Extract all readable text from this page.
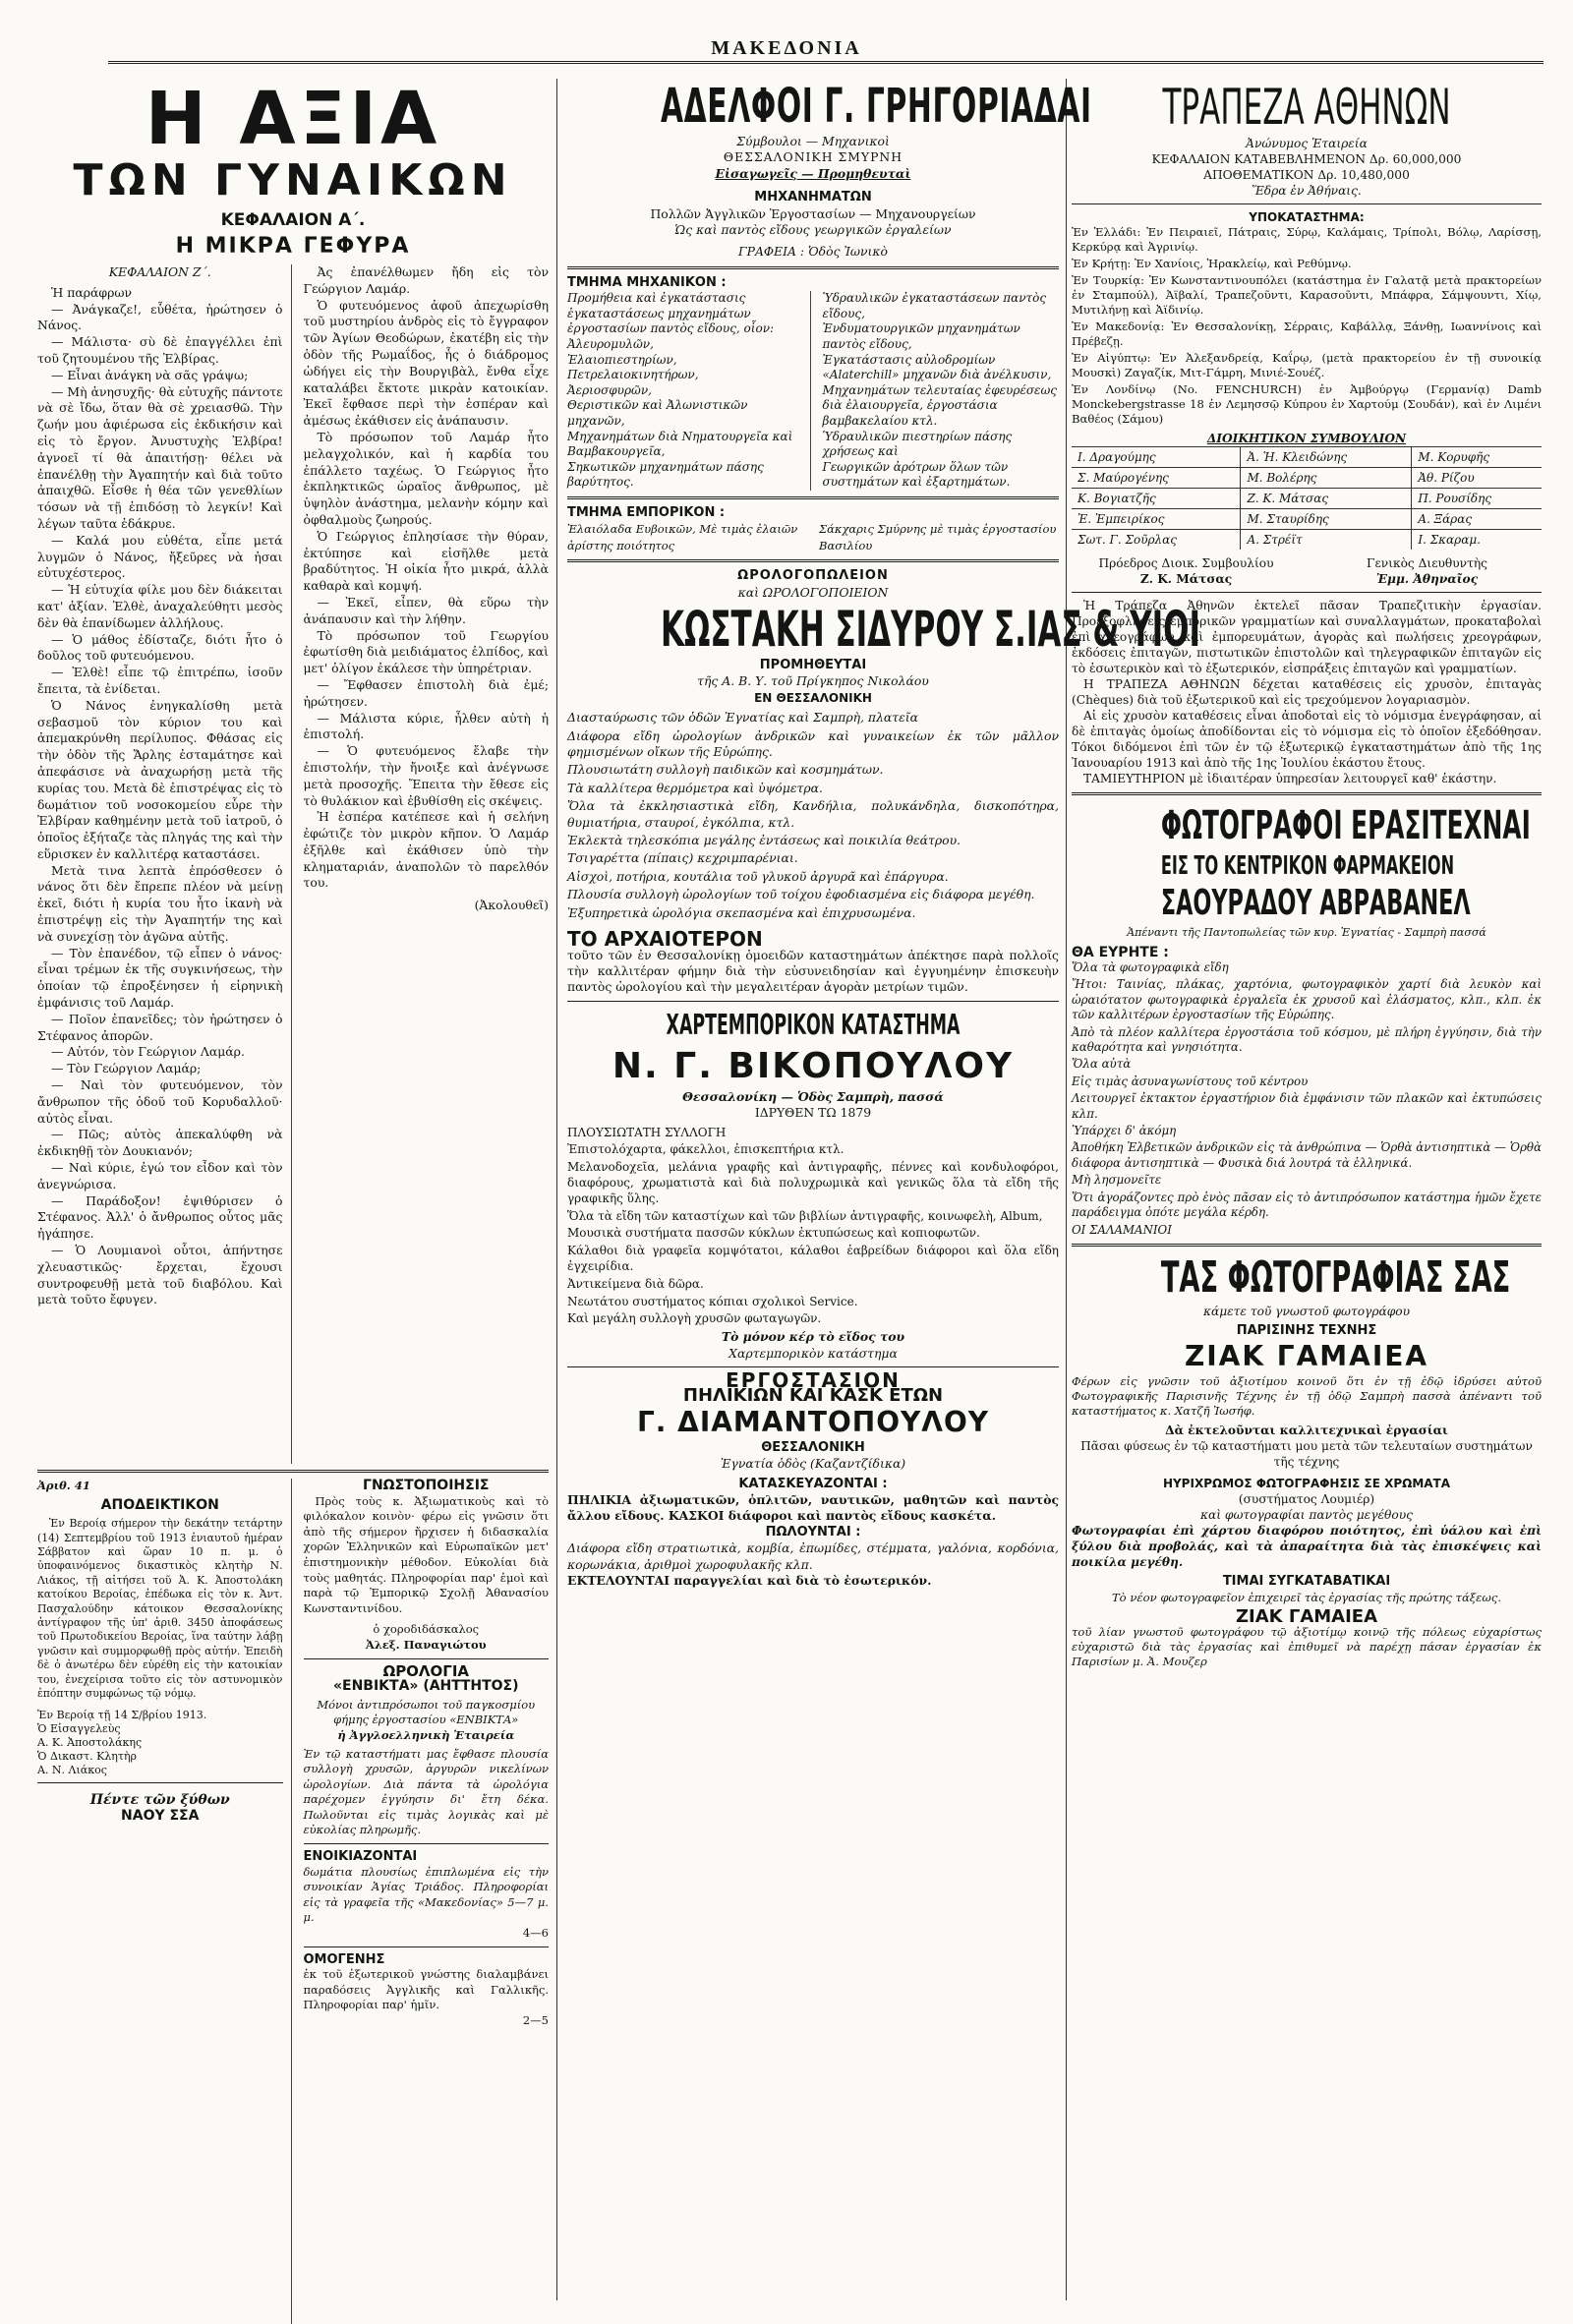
ΜΑΚΕΔΟΝΙΑ
Η ΑΞΙΑ
ΤΩΝ ΓΥΝΑΙΚΩΝ
ΚΕΦΑΛΑΙΟΝ Α΄.
Η ΜΙΚΡΑ ΓΕΦΥΡΑ
ΚΕΦΑΛΑΙΟΝ Ζ΄.

Ἡ παράφρων

— Ἀνάγκαζε!, εὗθέτα, ἠρώτησεν ὁ Νάνος.

— Μάλιστα· σὺ δὲ ἐπαγγέλλει ἐπὶ τοῦ ζητουμένου τῆς Ἐλβίρας.

— Εἶναι ἀνάγκη νὰ σᾶς γράψω;

— Μὴ ἀνησυχῆς· θὰ εὐτυχῆς πάντοτε νὰ σὲ ἴδω, ὅταν θὰ σὲ χρειασθῶ. Τὴν ζωήν μου ἀφιέρωσα εἰς ἐκδικήσιν καὶ εἰς τὸ ἔργον. Ἀνυστυχὴς Ἐλβίρα! ἀγνοεῖ τί θὰ ἀπαιτήσῃ· θέλει νὰ ἐπανέλθῃ τὴν Ἀγαπητήν καὶ διὰ τοῦτο ἀπαιχθῶ. Εἶσθε ἡ θέα τῶν γενεθλίων τόσων νὰ τῇ ἐπιδόσῃ τὸ λεγκίν! Καὶ λέγων ταῦτα ἐδάκρυε.

— Καλά μου εὐθέτα, εἶπε μετά λυγμῶν ὁ Νάνος, ἤξεῦρες νὰ ἠσαι εὐτυχέστερος.

— Ἡ εὐτυχία φίλε μου δὲν διάκειται κατ' ἀξίαν. Ἐλθὲ, ἀναχαλεύθητι μεσὸς δὲν θὰ ἐπανίδωμεν ἀλλήλους.

— Ὁ μάθος ἐδίσταζε, διότι ἦτο ὁ δοῦλος τοῦ φυτευόμενου.

— Ἐλθὲ! εἶπε τῷ ἐπιτρέπω, ἰσοῦν ἔπειτα, τὰ ἐνίδεται.

Ὁ Νάνος ἐνηγκαλίσθη μετὰ σεβασμοῦ τὸν κύριον του καὶ ἀπεμακρύνθη περίλυπος. Φθάσας εἰς τὴν ὁδὸν τῆς Ἄρλης ἐσταμάτησε καὶ ἀπεφάσισε νὰ ἀναχωρήσῃ μετὰ τῆς κυρίας του. Μετὰ δὲ ἐπιστρέψας εἰς τὸ δωμάτιον τοῦ νοσοκομείου εὗρε τὴν Ἐλβίραν καθημένην μετὰ τοῦ ἰατροῦ, ὁ ὁποῖος ἐξήταζε τὰς πληγάς της καὶ τὴν εὕρισκεν ἐν καλλιτέρᾳ καταστάσει.

Μετὰ τινα λεπτὰ ἐπρόσθεσεν ὁ νάνος ὅτι δὲν ἔπρεπε πλέον νὰ μείνῃ ἐκεῖ, διότι ἡ κυρία του ἦτο ἱκανὴ νὰ ἐπιστρέψῃ εἰς τὴν Ἀγαπητήν της καὶ νὰ συνεχίσῃ τὸν ἀγῶνα αὐτῆς.

— Τὸν ἐπανέδον, τῷ εἶπεν ὁ νάνος· εἶναι τρέμων ἐκ τῆς συγκινήσεως, τὴν ὁποίαν τῷ ἐπροξένησεν ἡ εἰρηνικὴ ἐμφάνισις τοῦ Λαμάρ.

— Ποῖον ἐπανεῖδες; τὸν ἠρώτησεν ὁ Στέφανος ἀπορῶν.

— Αὐτόν, τὸν Γεώργιον Λαμάρ.

— Τὸν Γεώργιον Λαμάρ;

— Ναὶ τὸν φυτευόμενον, τὸν ἄνθρωπον τῆς ὁδοῦ τοῦ Κορυδαλλοῦ· αὐτὸς εἶναι.

— Πῶς; αὐτὸς ἀπεκαλύφθη νὰ ἐκδικηθῇ τὸν Δουκιανόν;

— Ναὶ κύριε, ἐγώ τον εἶδον καὶ τὸν ἀνεγνώρισα.

— Παράδοξον! ἐψιθύρισεν ὁ Στέφανος. Ἀλλ' ὁ ἄνθρωπος οὗτος μᾶς ἠγάπησε.

— Ὁ Λουμιανοὶ οὗτοι, ἀπήντησε χλευαστικῶς· ἔρχεται, ἔχουσι συντροφευθῇ μετὰ τοῦ διαβόλου. Καὶ μετὰ τοῦτο ἔφυγεν.

Ἀς ἐπανέλθωμεν ἤδη εἰς τὸν Γεώργιον Λαμάρ.

Ὁ φυτευόμενος ἀφοῦ ἀπεχωρίσθη τοῦ μυστηρίου ἀνδρὸς εἰς τὸ ἔγγραφον τῶν Ἀγίων Θεοδώρων, ἐκατέβη εἰς τὴν ὁδὸν τῆς Ρωμαΐδος, ἧς ὁ διάδρομος ὡδήγει εἰς τὴν Βουργιβὰλ, ἔνθα εἶχε καταλάβει ἔκτοτε μικρὰν κατοικίαν. Ἐκεῖ ἔφθασε περὶ τὴν ἑσπέραν καὶ ἀμέσως ἐκάθισεν εἰς ἀνάπαυσιν.

Τὸ πρόσωπον τοῦ Λαμάρ ἦτο μελαγχολικόν, καὶ ἡ καρδία του ἐπάλλετο ταχέως. Ὁ Γεώργιος ἦτο ἐκπληκτικῶς ὡραῖος ἄνθρωπος, μὲ ὑψηλὸν ἀνάστημα, μελανὴν κόμην καὶ ὀφθαλμοὺς ζωηρούς.

Ὁ Γεώργιος ἐπλησίασε τὴν θύραν, ἐκτύπησε καὶ εἰσῆλθε μετὰ βραδύτητος. Ἡ οἰκία ἦτο μικρά, ἀλλὰ καθαρὰ καὶ κομψή.

— Ἐκεῖ, εἶπεν, θὰ εὕρω τὴν ἀνάπαυσιν καὶ τὴν λήθην.

Τὸ πρόσωπον τοῦ Γεωργίου ἐφωτίσθη διὰ μειδιάματος ἐλπίδος, καὶ μετ' ὀλίγον ἐκάλεσε τὴν ὑπηρέτριαν.

— Ἔφθασεν ἐπιστολὴ διὰ ἐμέ; ἠρώτησεν.

— Μάλιστα κύριε, ἦλθεν αὐτὴ ἡ ἐπιστολή.

— Ὁ φυτευόμενος ἔλαβε τὴν ἐπιστολήν, τὴν ἤνοιξε καὶ ἀνέγνωσε μετὰ προσοχῆς. Ἔπειτα τὴν ἔθεσε εἰς τὸ θυλάκιον καὶ ἐβυθίσθη εἰς σκέψεις.

Ἡ ἐσπέρα κατέπεσε καὶ ἡ σελήνη ἐφώτιζε τὸν μικρὸν κῆπον. Ὁ Λαμάρ ἐξῆλθε καὶ ἐκάθισεν ὑπὸ τὴν κληματαριάν, ἀναπολῶν τὸ παρελθόν του.

(Ἀκολουθεῖ)
Ἀριθ. 41
ΑΠΟΔΕΙΚΤΙΚΟΝ

Ἐν Βεροίᾳ σήμερον τὴν δεκάτην τετάρτην (14) Σεπτεμβρίου τοῦ 1913 ἐνιαυτοῦ ἡμέραν Σάββατον καὶ ὥραν 10 π. μ. ὁ ὑποφαινόμενος δικαστικὸς κλητὴρ Ν. Λιάκος, τῇ αἰτήσει τοῦ Ἀ. Κ. Ἀποστολάκη κατοίκου Βεροίας, ἐπέδωκα εἰς τὸν κ. Ἀντ. Πασχαλούδην κάτοικον Θεσσαλονίκης ἀντίγραφον τῆς ὑπ' ἀριθ. 3450 ἀποφάσεως τοῦ Πρωτοδικείου Βεροίας, ἵνα ταύτην λάβῃ γνῶσιν καὶ συμμορφωθῇ πρὸς αὐτήν. Ἐπειδὴ δὲ ὁ ἀνωτέρω δὲν εὑρέθη εἰς τὴν κατοικίαν του, ἐνεχείρισα τοῦτο εἰς τὸν αστυνομικὸν ἐπόπτην συμφώνως τῷ νόμῳ.

Ἐν Βεροίᾳ τῇ 14 Σ/βρίου 1913.
Ὁ Εἰσαγγελεὺς
Α. Κ. Ἀποστολάκης
Ὁ Δικαστ. Κλητὴρ
Α. Ν. Λιάκος
Πέντε τῶν ξύθων
ΝΑΟΥ ΣΣΑ
ΓΝΩΣΤΟΠΟΙΗΣΙΣ

Πρὸς τοὺς κ. Ἀξιωματικοὺς καὶ τὸ φιλόκαλον κοινὸν· φέρω εἰς γνῶσιν ὅτι ἀπὸ τῆς σήμερον ἤρχισεν ἡ διδασκαλία χορῶν Ἑλληνικῶν καὶ Εὐρωπαϊκῶν μετ' ἐπιστημονικὴν μέθοδον. Εὐκολίαι διὰ τοὺς μαθητάς. Πληροφορίαι παρ' ἐμοὶ καὶ παρὰ τῷ Ἐμπορικῷ Σχολῇ Ἀθανασίου Κωνσταντινίδου.

ὁ χοροδιδάσκαλος
Ἀλεξ. Παναγιώτου
ΩΡΟΛΟΓΙΑ
«ΕΝΒΙΚΤΑ» (ΑΗΤΤΗΤΟΣ)
Μόνοι ἀντιπρόσωποι τοῦ παγκοσμίου φήμης ἐργοστασίου «ΕΝΒΙΚΤΑ»
ἡ Ἀγγλοελληνικὴ Ἑταιρεία

Ἐν τῷ καταστήματι μας ἔφθασε πλουσία συλλογὴ χρυσῶν, ἀργυρῶν νικελίνων ὡρολογίων. Διὰ πάντα τὰ ὡρολόγια παρέχομεν ἐγγύησιν δι' ἔτη δέκα. Πωλοῦνται εἰς τιμὰς λογικὰς καὶ μὲ εὐκολίας πληρωμῆς.

ΕΝΟΙΚΙΑΖΟΝΤΑΙ

δωμάτια πλουσίως ἐπιπλωμένα εἰς τὴν συνοικίαν Ἁγίας Τριάδος. Πληροφορίαι εἰς τὰ γραφεῖα τῆς «Μακεδονίας» 5—7 μ. μ.

4—6
ΟΜΟΓΕΝΗΣ

ἐκ τοῦ ἐξωτερικοῦ γνώστης διαλαμβάνει παραδόσεις Ἀγγλικῆς καὶ Γαλλικῆς. Πληροφορίαι παρ' ἡμῖν.

2—5
ΑΔΕΛΦΟΙ Γ. ΓΡΗΓΟΡΙΑΔΑΙ
Σύμβουλοι — Μηχανικοὶ
ΘΕΣΣΑΛΟΝΙΚΗ ΣΜΥΡΝΗ
Εἰσαγωγεῖς — Προμηθευταὶ
ΜΗΧΑΝΗΜΑΤΩΝ
Πολλῶν Ἀγγλικῶν Ἐργοστασίων — Μηχανουργείων
Ὡς καὶ παντὸς εἴδους γεωργικῶν ἐργαλείων
ΓΡΑΦΕΙΑ : Ὁδὸς Ἰωνικὸ
ΤΜΗΜΑ ΜΗΧΑΝΙΚΟΝ :
Προμήθεια καὶ ἐγκατάστασις ἐγκαταστάσεως μηχανημάτων ἐργοστασίων παντὸς εἴδους, οἷον:
Ἀλευρομυλῶν,
Ἐλαιοπιεστηρίων,
Πετρελαιοκινητήρων,
Ἀεριοσφυρῶν,
Θεριστικῶν καὶ Ἀλωνιστικῶν μηχανῶν,
Μηχανημάτων διὰ Νηματουργεῖα καὶ Βαμβακουργεῖα,
Σηκωτικῶν μηχανημάτων πάσης βαρύτητος.
Ὑδραυλικῶν ἐγκαταστάσεων παντὸς εἴδους,
Ἐνδυματουργικῶν μηχανημάτων παντὸς εἴδους,
Ἐγκατάστασις αὐλοδρομίων «Alaterchill» μηχανῶν διὰ ἀνέλκυσιν,
Μηχανημάτων τελευταίας ἐφευρέσεως διὰ ἐλαιουργεῖα, ἐργοστάσια βαμβακελαίου κτλ.
Ὑδραυλικῶν πιεστηρίων πάσης χρήσεως καὶ
Γεωργικῶν ἀρότρων ὅλων τῶν συστημάτων καὶ ἐξαρτημάτων.
ΤΜΗΜΑ ΕΜΠΟΡΙΚΟΝ :
Ἐλαιόλαδα Ευβοικῶν, Μὲ τιμὰς ἐλαιῶν ἀρίστης ποιότητος
Σάκχαρις Σμύρνης μὲ τιμὰς ἐργοστασίου Βασιλίου
ΩΡΟΛΟΓΟΠΩΛΕΙΟΝ
καὶ ΩΡΟΛΟΓΟΠΟΙΕΙΟΝ
ΚΩΣΤΑΚΗ ΣΙΔΥΡΟΥ Σ.ΙΑΣ & ΥΙΟΙ
ΠΡΟΜΗΘΕΥΤΑΙ
τῆς Α. Β. Υ. τοῦ Πρίγκηπος Νικολάου
ΕΝ ΘΕΣΣΑΛΟΝΙΚΗ

Διασταύρωσις τῶν ὁδῶν Ἐγνατίας καὶ Σαμπρὴ, πλατεῖα

Διάφορα εἴδη ὡρολογίων ἀνδρικῶν καὶ γυναικείων ἐκ τῶν μᾶλλον φημισμένων οἴκων τῆς Εὐρώπης.

Πλουσιωτάτη συλλογὴ παιδικῶν καὶ κοσμημάτων.

Τὰ καλλίτερα θερμόμετρα καὶ ὑψόμετρα.

Ὅλα τὰ ἐκκλησιαστικὰ εἴδη, Κανδήλια, πολυκάνδηλα, δισκοπότηρα, θυμιατήρια, σταυροί, ἐγκόλπια, κτλ.

Ἐκλεκτὰ τηλεσκόπια μεγάλης ἐντάσεως καὶ ποικιλία θεάτρου.

Τσιγαρέττα (πίπαις) κεχριμπαρένιαι.

Αἰσχοὶ, ποτήρια, κουτάλια τοῦ γλυκοῦ ἀργυρᾶ καὶ ἐπάργυρα.

Πλουσία συλλογὴ ὡρολογίων τοῦ τοίχου ἐφοδιασμένα εἰς διάφορα μεγέθη.

Ἐξυπηρετικὰ ὡρολόγια σκεπασμένα καὶ ἐπιχρυσωμένα.

ΤΟ ΑΡΧΑΙΟΤΕΡΟΝ

τοῦτο τῶν ἐν Θεσσαλονίκῃ ὁμοειδῶν καταστημάτων ἀπέκτησε παρὰ πολλοῖς τὴν καλλιτέραν φήμην διὰ τὴν εὐσυνειδησίαν καὶ ἐγγυημένην ἐπισκευὴν παντὸς ὡρολογίου καὶ τὴν μεγαλειτέραν ἀγορὰν μετρίων τιμῶν.

ΧΑΡΤΕΜΠΟΡΙΚΟΝ ΚΑΤΑΣΤΗΜΑ
Ν. Γ. ΒΙΚΟΠΟΥΛΟΥ
Θεσσαλονίκη — Ὁδὸς Σαμπρὴ, πασσά
ΙΔΡΥΘΕΝ ΤΩ 1879

ΠΛΟΥΣΙΩΤΑΤΗ ΣΥΛΛΟΓΗ

Ἐπιστολόχαρτα, φάκελλοι, ἐπισκεπτήρια κτλ.

Μελανοδοχεῖα, μελάνια γραφῆς καὶ ἀντιγραφῆς, πέννες καὶ κονδυλοφόροι, διαφόρους, χρωματιστὰ καὶ διὰ πολυχρωμικὰ καὶ γενικῶς ὅλα τὰ εἴδη τῆς γραφικῆς ὕλης.

Ὅλα τὰ εἴδη τῶν καταστίχων καὶ τῶν βιβλίων ἀντιγραφῆς, κοινωφελὴ, Album,

Μουσικὰ συστήματα πασσῶν κύκλων ἐκτυπώσεως καὶ κοπιοφωτῶν.

Κάλαθοι διὰ γραφεῖα κομψότατοι, κάλαθοι ἐαβρείδων διάφοροι καὶ ὅλα εἴδη ἐγχειρίδια.

Ἀντικείμενα διὰ δῶρα.

Νεωτάτου συστήματος κόπιαι σχολικοὶ Service.

Καὶ μεγάλη συλλογὴ χρυσῶν φωταγωγῶν.

Τὸ μόνον κέρ τὸ εἴδος του
Χαρτεμπορικὸν κατάστημα
ΕΡΓΟΣΤΑΣΙΟΝ
ΠΗΛΙΚΙΩΝ ΚΑΙ ΚΑΣΚ ΕΤΩΝ
Γ. ΔΙΑΜΑΝΤΟΠΟΥΛΟΥ
ΘΕΣΣΑΛΟΝΙΚΗ
Ἐγνατία ὁδὸς (Καζαντζίδικα)
ΚΑΤΑΣΚΕΥΑΖΟΝΤΑΙ :

ΠΗΛΙΚΙΑ ἀξιωματικῶν, ὁπλιτῶν, ναυτικῶν, μαθητῶν καὶ παντὸς ἄλλου εἴδους. ΚΑΣΚΟΙ διάφοροι καὶ παντὸς εἴδους κασκέτα.

ΠΩΛΟΥΝΤΑΙ :

Διάφορα εἴδη στρατιωτικὰ, κομβία, ἐπωμίδες, στέμματα, γαλόνια, κορδόνια, κορωνάκια, ἀριθμοὶ χωροφυλακῆς κλπ.

ΕΚΤΕΛΟΥΝΤΑΙ παραγγελίαι καὶ διὰ τὸ ἐσωτερικόν.

ΤΡΑΠΕΖΑ ΑΘΗΝΩΝ
Ἀνώνυμος Ἑταιρεία
ΚΕΦΑΛΑΙΟΝ ΚΑΤΑΒΕΒΛΗΜΕΝΟΝ Δρ. 60,000,000
ΑΠΟΘΕΜΑΤΙΚΟΝ Δρ. 10,480,000
Ἕδρα ἐν Ἀθήναις.
ΥΠΟΚΑΤΑΣΤΗΜΑ:

Ἐν Ἑλλάδι: Ἐν Πειραιεῖ, Πάτραις, Σύρῳ, Καλάμαις, Τρίπολι, Βόλῳ, Λαρίσσῃ, Κερκύρᾳ καὶ Ἀγρινίῳ.

Ἐν Κρήτῃ: Ἐν Χανίοις, Ἡρακλείῳ, καὶ Ρεθύμνῳ.

Ἐν Τουρκίᾳ: Ἐν Κωνσταντινουπόλει (κατάστημα ἐν Γαλατᾷ μετὰ πρακτορείων ἐν Σταμπούλ), Ἀϊβαλί, Τραπεζοῦντι, Καρασοῦντι, Μπάφρα, Σάμψουντι, Χίῳ, Μυτιλήνῃ καὶ Ἀϊδινίῳ.

Ἐν Μακεδονίᾳ: Ἐν Θεσσαλονίκῃ, Σέρραις, Καβάλλᾳ, Ξάνθῃ, Ιωαννίνοις καὶ Πρέβεζῃ.

Ἐν Αἰγύπτῳ: Ἐν Ἀλεξανδρείᾳ, Καΐρῳ, (μετὰ πρακτορείου ἐν τῇ συνοικίᾳ Μουσκὶ) Ζαγαζίκ, Μιτ-Γάμρη, Μινιέ-Σουέζ.

Ἐν Λονδίνῳ (No. FENCHURCH) ἐν Ἀμβούργῳ (Γερμανίᾳ) Damb Monckebergstrasse 18 ἐν Λεμησσῷ Κύπρου ἐν Χαρτούμ (Σουδάν), καὶ ἐν Λιμένι Βαθέος (Σάμου)

ΔΙΟΙΚΗΤΙΚΟΝ ΣΥΜΒΟΥΛΙΟΝ
Ι. Δραγούμης	Ἀ. Ἡ. Κλειδώνης	Μ. Κορυφῆς
Σ. Μαύρογένης	Μ. Βολέρης	Ἀθ. Ρίζου
Κ. Βογιατζῆς	Ζ. Κ. Μάτσας	Π. Ρουσίδης
Ἐ. Ἐμπειρίκος	Μ. Σταυρίδης	Α. Ξάρας
Σωτ. Γ. Σοῦρλας	Α. Στρέϊτ	Ι. Σκαραμ.
Πρόεδρος Διοικ. Συμβουλίου
Ζ. Κ. Μάτσας
Γενικὸς Διευθυντὴς
Ἐμμ. Ἀθηναῖος

Ἡ Τράπεζα Ἀθηνῶν ἐκτελεῖ πᾶσαν Τραπεζιτικὴν ἐργασίαν. Προεξοφλήσεις ἐμπορικῶν γραμματίων καὶ συναλλαγμάτων, προκαταβολαὶ ἐπὶ χρεογράφων καὶ ἐμπορευμάτων, ἀγορὰς καὶ πωλήσεις χρεογράφων, ἐκδόσεις ἐπιταγῶν, πιστωτικῶν ἐπιστολῶν καὶ τηλεγραφικῶν ἐπιταγῶν εἰς τὸ ἐσωτερικὸν καὶ τὸ ἐξωτερικόν, εἰσπράξεις ἐπιταγῶν καὶ γραμματίων.

Η ΤΡΑΠΕΖΑ ΑΘΗΝΩΝ δέχεται καταθέσεις εἰς χρυσὸν, ἐπιταγὰς (Chèques) διὰ τοῦ ἐξωτερικοῦ καὶ εἰς τρεχούμενον λογαριασμὸν.

Αἱ εἰς χρυσὸν καταθέσεις εἶναι ἀποδοταὶ εἰς τὸ νόμισμα ἐνεγράφησαν, αἱ δὲ ἐπιταγὰς ὁμοίως ἀποδίδονται εἰς τὸ νόμισμα εἰς τὸ ὁποῖον ἐξεδόθησαν. Τόκοι διδόμενοι ἐπὶ τῶν ἐν τῷ ἐξωτερικῷ ἐγκαταστημάτων ἀπὸ τῆς 1ης Ἰανουαρίου 1913 καὶ ἀπὸ τῆς 1ης Ἰουλίου ἑκάστου ἔτους.

ΤΑΜΙΕΥΤΗΡΙΟΝ μὲ ἰδιαιτέραν ὑπηρεσίαν λειτουργεῖ καθ' ἑκάστην.

ΦΩΤΟΓΡΑΦΟΙ ΕΡΑΣΙΤΕΧΝΑΙ
ΕΙΣ ΤΟ ΚΕΝΤΡΙΚΟΝ ΦΑΡΜΑΚΕΙΟΝ
ΣΑΟΥΡΑΔΟΥ ΑΒΡΑΒΑΝΕΛ
Ἀπέναντι τῆς Παντοπωλείας τῶν κυρ. Ἐγνατίας - Σαμπρὴ πασσά
ΘΑ ΕΥΡΗΤΕ :

Ὅλα τὰ φωτογραφικὰ εἴδη

Ἤτοι: Ταινίας, πλάκας, χαρτόνια, φωτογραφικὸν χαρτί διὰ λευκὸν καὶ ὡραιότατον φωτογραφικὰ ἐργαλεῖα ἐκ χρυσοῦ καὶ ἐλάσματος, κλπ., κλπ. ἐκ τῶν καλλιτέρων ἐργοστασίων τῆς Εὐρώπης.

Ἀπὸ τὰ πλέον καλλίτερα ἐργοστάσια τοῦ κόσμου, μὲ πλήρη ἐγγύησιν, διὰ τὴν καθαρότητα καὶ γνησιότητα.

Ὅλα αὐτὰ

Εἰς τιμὰς ἀσυναγωνίστους τοῦ κέντρου

Λειτουργεῖ ἐκτακτον ἐργαστήριον διὰ ἐμφάνισιν τῶν πλακῶν καὶ ἐκτυπώσεις κλπ.

Ὑπάρχει δ' ἀκόμη

Ἀποθήκη Ἐλβετικῶν ἀνδρικῶν εἰς τὰ ἀνθρώπινα — Ὁρθὰ ἀντισηπτικὰ — Ὁρθὰ διάφορα ἀντισηπτικὰ — Φυσικὰ διά λουτρά τὰ ἑλληνικά.

Μὴ λησμονεῖτε

Ὅτι ἀγοράζοντες πρὸ ἑνὸς πᾶσαν εἰς τὸ ἀντιπρόσωπον κατάστημα ἡμῶν ἔχετε παράδειγμα ὁπότε μεγάλα κέρδη.

ΟΙ ΣΑΛΑΜΑΝΙΟΙ

ΤΑΣ ΦΩΤΟΓΡΑΦΙΑΣ ΣΑΣ
κάμετε τοῦ γνωστοῦ φωτογράφου
ΠΑΡΙΣΙΝΗΣ ΤΕΧΝΗΣ
ΖΙΑΚ ΓΑΜΑΙΕΑ

Φέρων εἰς γνῶσιν τοῦ ἀξιοτίμου κοινοῦ ὅτι ἐν τῇ ἐδῷ ἱδρύσει αὐτοῦ Φωτογραφικῆς Παρισινῆς Τέχνης ἐν τῇ ὁδῷ Σαμπρὴ πασσὰ ἀπέναντι τοῦ καταστήματος κ. Χατζῆ Ἰωσήφ.

Δὰ ἐκτελοῦνται καλλιτεχνικαὶ ἐργασίαι
Πᾶσαι φύσεως ἐν τῷ καταστήματι μου μετὰ τῶν τελευταίων συστημάτων τῆς τέχνης
ΗΥΡΙΧΡΩΜΟΣ ΦΩΤΟΓΡΑΦΗΣΙΣ ΣΕ ΧΡΩΜΑΤΑ
(συστήματος Λουμιέρ)
καὶ φωτογραφίαι παντὸς μεγέθους

Φωτογραφίαι ἐπὶ χάρτου διαφόρου ποιότητος, ἐπὶ ὑάλου καὶ ἐπὶ ξύλου διὰ προβολάς, καὶ τὰ ἀπαραίτητα διὰ τὰς ἐπισκέψεις καὶ ποικίλα μεγέθη.

ΤΙΜΑΙ ΣΥΓΚΑΤΑΒΑΤΙΚΑΙ
Τὸ νέον φωτογραφεῖον ἐπιχειρεῖ τὰς ἐργασίας τῆς πρώτης τάξεως.
ΖΙΑΚ ΓΑΜΑΙΕΑ

τοῦ λίαν γνωστοῦ φωτογράφου τῷ ἀξιοτίμῳ κοινῷ τῆς πόλεως εὐχαρίστως εὐχαριστῶ διὰ τὰς ἐργασίας καὶ ἐπιθυμεῖ νὰ παρέχῃ πάσαν ἐργασίαν ἐκ Παρισίων μ. Ἀ. Μουζερ
